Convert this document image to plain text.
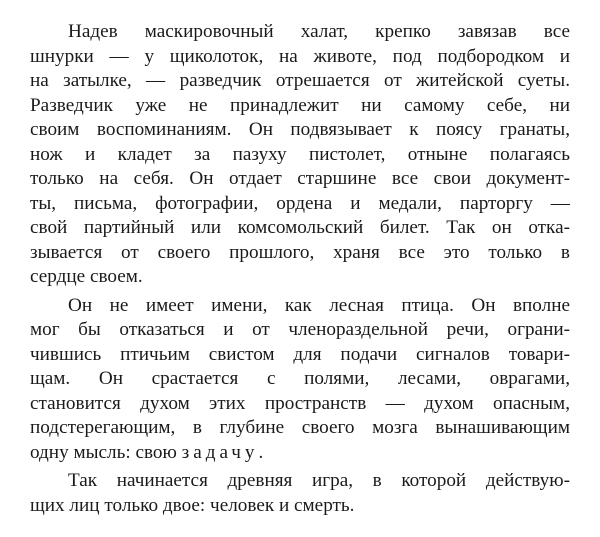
Надев маскировочный халат, крепко завязав все
шнурки — у щиколоток, на животе, под подбородком и
на затылке, — разведчик отрешается от житейской суеты.
Разведчик уже не принадлежит ни самому себе, ни
своим воспоминаниям. Он подвязывает к поясу гранаты,
нож и кладет за пазуху пистолет, отныне полагаясь
только на себя. Он отдает старшине все свои документ-
ты, письма, фотографии, ордена и медали, парторгу —
свой партийный или комсомольский билет. Так он отка-
зывается от своего прошлого, храня все это только в
сердце своем.
Он не имеет имени, как лесная птица. Он вполне
мог бы отказаться и от членораздельной речи, ограни-
чившись птичьим свистом для подачи сигналов товари-
щам. Он срастается с полями, лесами, оврагами,
становится духом этих пространств — духом опасным,
подстерегающим, в глубине своего мозга вынашивающим
одну мысль: свою задачу.
Так начинается древняя игра, в которой действую-
щих лиц только двое: человек и смерть.
